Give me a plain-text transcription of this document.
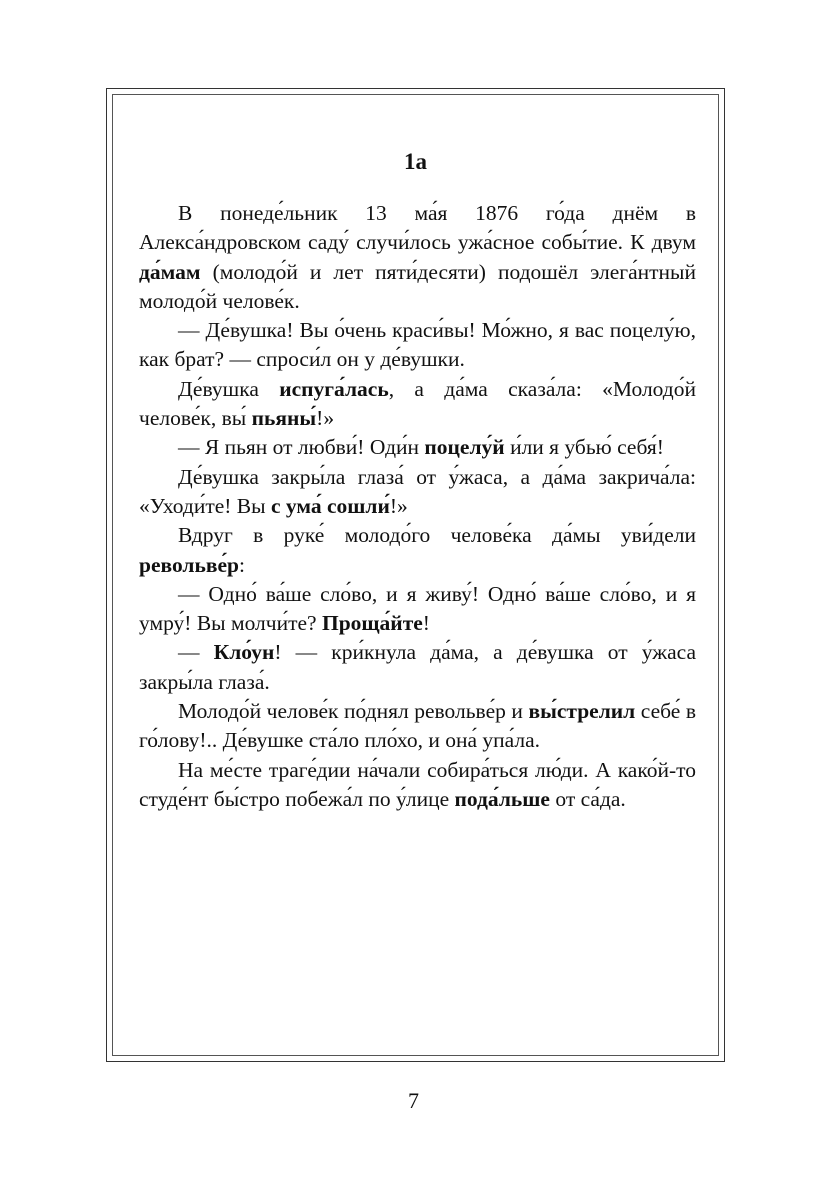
1а

В понеде́льник 13 ма́я 1876 го́да днём в Алекса́ндровском саду́ случи́лось ужа́сное собы́тие. К двум да́мам (молодо́й и лет пяти́десяти) подошёл элега́нтный молодо́й челове́к.

— Де́вушка! Вы о́чень краси́вы! Мо́жно, я вас поцелу́ю, как брат? — спроси́л он у де́вушки.

Де́вушка испуга́лась, а да́ма сказа́ла: «Молодо́й челове́к, вы́ пьяны́!»

— Я пьян от любви́! Оди́н поцелу́й и́ли я убью́ себя́!

Де́вушка закры́ла глаза́ от у́жаса, а да́ма закрича́ла: «Уходи́те! Вы с ума́ сошли́!»

Вдруг в руке́ молодо́го челове́ка да́мы уви́дели револьве́р:

— Одно́ ва́ше сло́во, и я живу́! Одно́ ва́ше сло́во, и я умру́! Вы молчи́те? Проща́йте!

— Кло́ун! — кри́кнула да́ма, а де́вушка от у́жаса закры́ла глаза́.

Молодо́й челове́к по́днял револьве́р и вы́стрелил себе́ в го́лову!.. Де́вушке ста́ло пло́хо, и она́ упа́ла.

На ме́сте траге́дии на́чали собира́ться лю́ди. А како́й-то студе́нт бы́стро побежа́л по у́лице пода́льше от са́да.

7
